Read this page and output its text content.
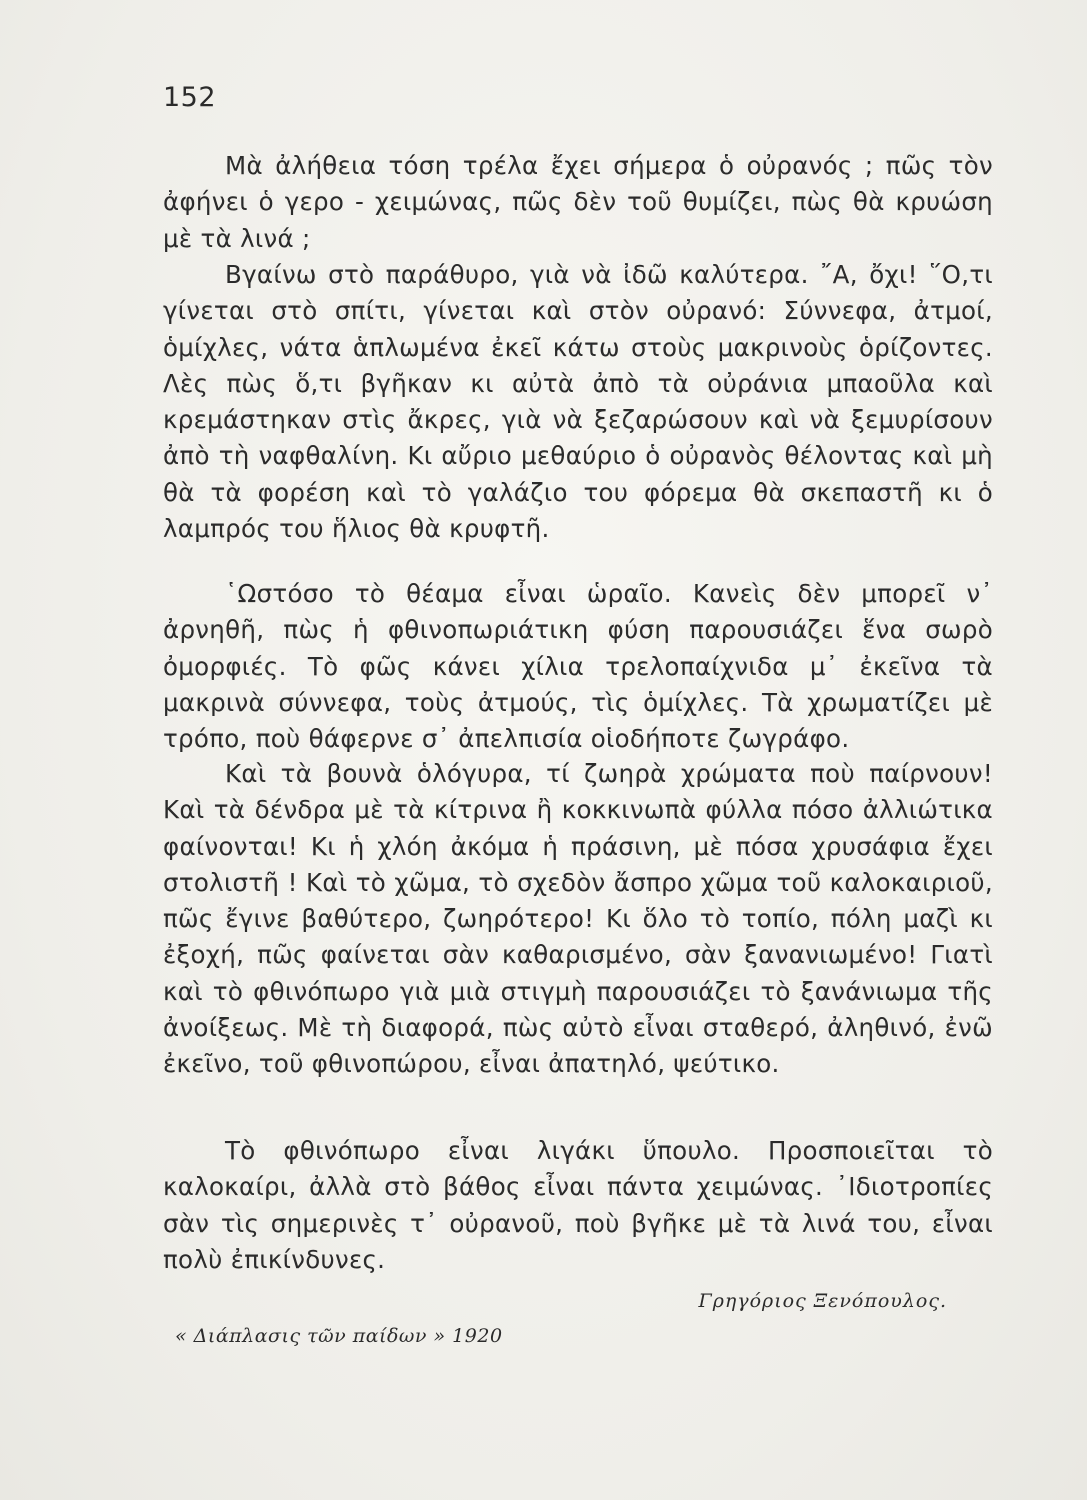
152

Μὰ ἀλήθεια τόση τρέλα ἔχει σήμερα ὁ οὐρανός ; πῶς τὸν ἀφήνει ὁ γερο - χειμώνας, πῶς δὲν τοῦ θυμίζει, πὼς θὰ κρυώση μὲ τὰ λινά ;

Βγαίνω στὸ παράθυρο, γιὰ νὰ ἰδῶ καλύτερα. ῎Α, ὄχι! ῞Ο,τι γίνεται στὸ σπίτι, γίνεται καὶ στὸν οὐρανό: Σύννεφα, ἀτμοί, ὁμίχλες, νάτα ἁπλωμένα ἐκεῖ κάτω στοὺς μακρινοὺς ὁρίζοντες. Λὲς πὼς ὅ,τι βγῆκαν κι αὐτὰ ἀπὸ τὰ οὐράνια μπαοῦλα καὶ κρεμάστηκαν στὶς ἄκρες, γιὰ νὰ ξεζαρώσουν καὶ νὰ ξεμυρίσουν ἀπὸ τὴ ναφθαλίνη. Κι αὔριο μεθαύριο ὁ οὐρανὸς θέλοντας καὶ μὴ θὰ τὰ φορέση καὶ τὸ γαλάζιο του φόρεμα θὰ σκεπαστῆ κι ὁ λαμπρός του ἥλιος θὰ κρυφτῆ.

῾Ωστόσο τὸ θέαμα εἶναι ὡραῖο. Κανεὶς δὲν μπορεῖ ν᾿ ἀρνηθῆ, πὼς ἡ φθινοπωριάτικη φύση παρουσιάζει ἕνα σωρὸ ὀμορφιές. Τὸ φῶς κάνει χίλια τρελοπαίχνιδα μ᾿ ἐκεῖνα τὰ μακρινὰ σύννεφα, τοὺς ἀτμούς, τὶς ὁμίχλες. Τὰ χρωματίζει μὲ τρόπο, ποὺ θάφερνε σ᾿ ἀπελπισία οἱοδήποτε ζωγράφο.

Καὶ τὰ βουνὰ ὁλόγυρα, τί ζωηρὰ χρώματα ποὺ παίρνουν! Καὶ τὰ δένδρα μὲ τὰ κίτρινα ἢ κοκκινωπὰ φύλλα πόσο ἀλλιώτικα φαίνονται! Κι ἡ χλόη ἀκόμα ἡ πράσινη, μὲ πόσα χρυσάφια ἔχει στολιστῆ ! Καὶ τὸ χῶμα, τὸ σχεδὸν ἄσπρο χῶμα τοῦ καλοκαιριοῦ, πῶς ἔγινε βαθύτερο, ζωηρότερο! Κι ὅλο τὸ τοπίο, πόλη μαζὶ κι ἐξοχή, πῶς φαίνεται σὰν καθαρισμένο, σὰν ξανανιωμένο! Γιατὶ καὶ τὸ φθινόπωρο γιὰ μιὰ στιγμὴ παρουσιάζει τὸ ξανάνιωμα τῆς ἀνοίξεως. Μὲ τὴ διαφορά, πὼς αὐτὸ εἶναι σταθερό, ἀληθινό, ἐνῶ ἐκεῖνο, τοῦ φθινοπώρου, εἶναι ἀπατηλό, ψεύτικο.

Τὸ φθινόπωρο εἶναι λιγάκι ὕπουλο. Προσποιεῖται τὸ καλοκαίρι, ἀλλὰ στὸ βάθος εἶναι πάντα χειμώνας. ᾿Ιδιοτροπίες σὰν τὶς σημερινὲς τ᾿ οὐρανοῦ, ποὺ βγῆκε μὲ τὰ λινά του, εἶναι πολὺ ἐπικίνδυνες.

Γρηγόριος Ξενόπουλος.
« Διάπλασις τῶν παίδων » 1920
